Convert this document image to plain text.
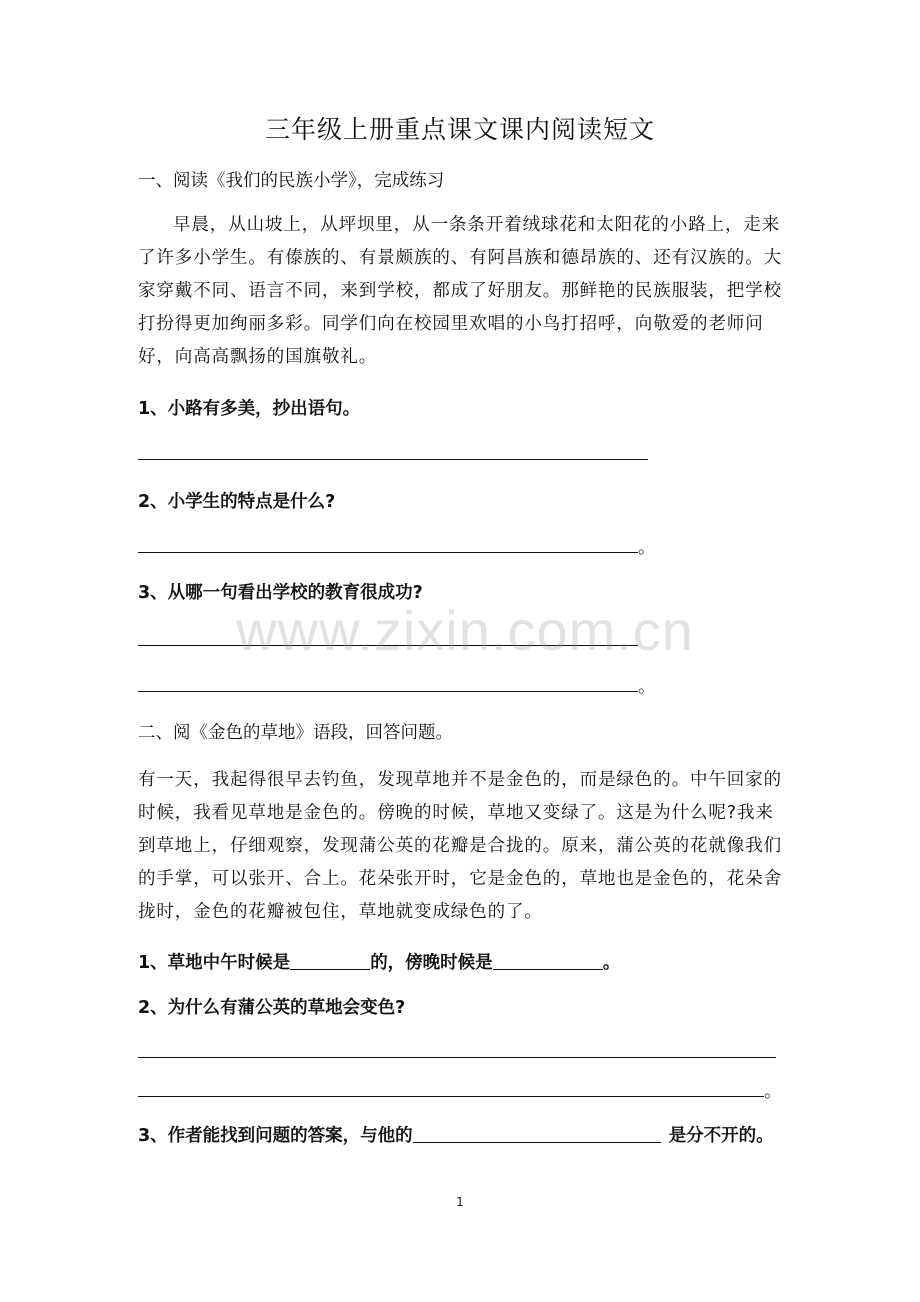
三年级上册重点课文课内阅读短文
一、阅读《我们的民族小学》，完成练习
早晨，从山坡上，从坪坝里，从一条条开着绒球花和太阳花的小路上，走来了许多小学生。有傣族的、有景颇族的、有阿昌族和德昂族的、还有汉族的。大家穿戴不同、语言不同，来到学校，都成了好朋友。那鲜艳的民族服装，把学校打扮得更加绚丽多彩。同学们向在校园里欢唱的小鸟打招呼，向敬爱的老师问好，向高高飘扬的国旗敬礼。
1、小路有多美，抄出语句。
2、小学生的特点是什么?
。
3、从哪一句看出学校的教育很成功?
。
二、阅《金色的草地》语段，回答问题。
有一天，我起得很早去钓鱼，发现草地并不是金色的，而是绿色的。中午回家的时候，我看见草地是金色的。傍晚的时候，草地又变绿了。这是为什么呢?我来到草地上，仔细观察，发现蒲公英的花瓣是合拢的。原来，蒲公英的花就像我们的手掌，可以张开、合上。花朵张开时，它是金色的，草地也是金色的，花朵舍拢时，金色的花瓣被包住，草地就变成绿色的了。
1、草地中午时候是	的，傍晚时候是	。
2、为什么有蒲公英的草地会变色?
。
3、作者能找到问题的答案，与他的	是分不开的。
www.zixin.com.cn
1
